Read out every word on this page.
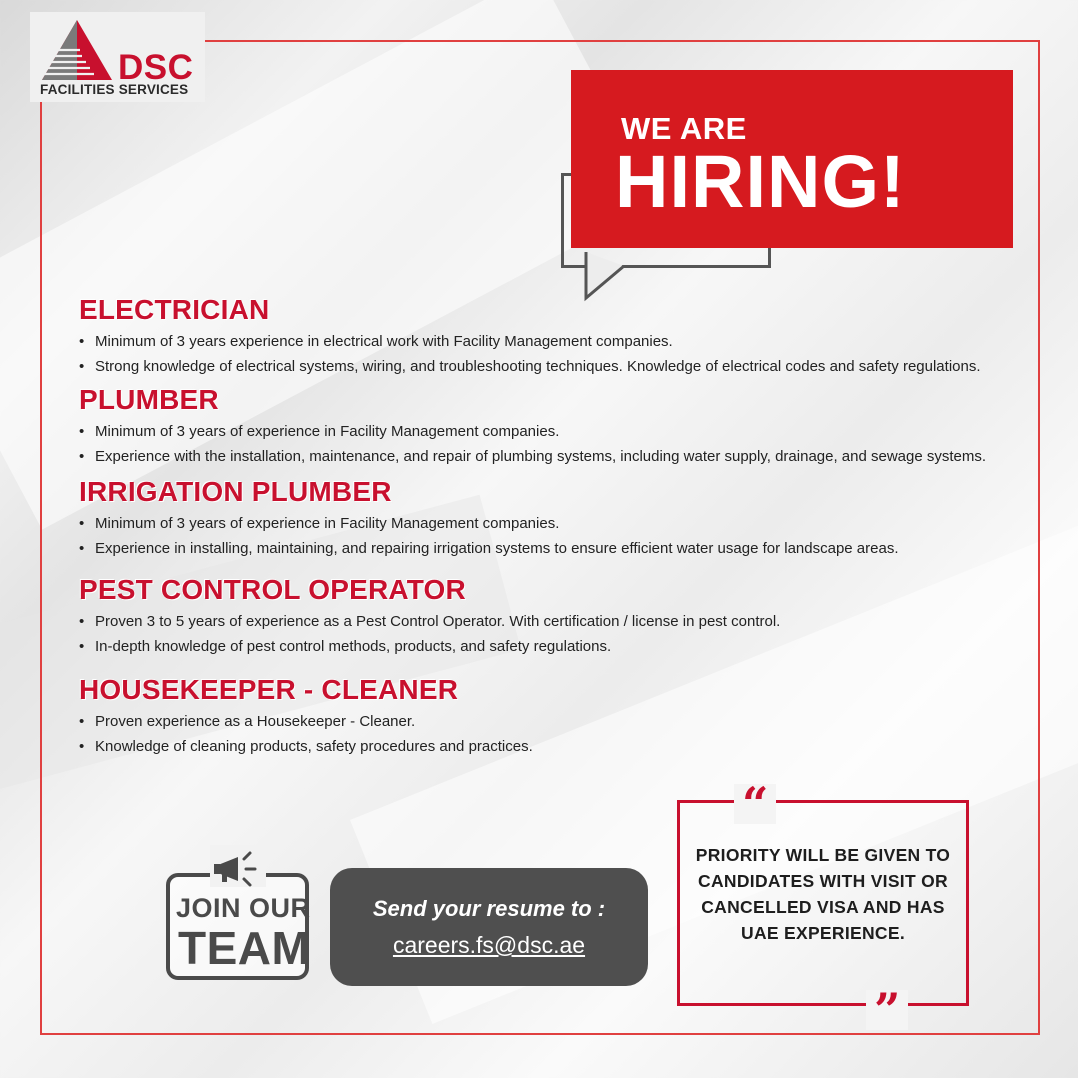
DSC
FACILITIES SERVICES
WE ARE
HIRING!
ELECTRICIAN
• Minimum of 3 years experience in electrical work with Facility Management companies.
• Strong knowledge of electrical systems, wiring, and troubleshooting techniques. Knowledge of electrical codes and safety regulations.
PLUMBER
• Minimum of 3 years of experience in Facility Management companies.
• Experience with the installation, maintenance, and repair of plumbing systems, including water supply, drainage, and sewage systems.
IRRIGATION PLUMBER
• Minimum of 3 years of experience in Facility Management companies.
• Experience in installing, maintaining, and repairing irrigation systems to ensure efficient water usage for landscape areas.
PEST CONTROL OPERATOR
• Proven 3 to 5 years of experience as a Pest Control Operator. With certification / license in pest control.
• In-depth knowledge of pest control methods, products, and safety regulations.
HOUSEKEEPER - CLEANER
• Proven experience as a Housekeeper - Cleaner.
• Knowledge of cleaning products, safety procedures and practices.
JOIN OUR
TEAM
Send your resume to :
careers.fs@dsc.ae
“
”
PRIORITY WILL BE GIVEN TO CANDIDATES WITH VISIT OR CANCELLED VISA AND HAS UAE EXPERIENCE.
